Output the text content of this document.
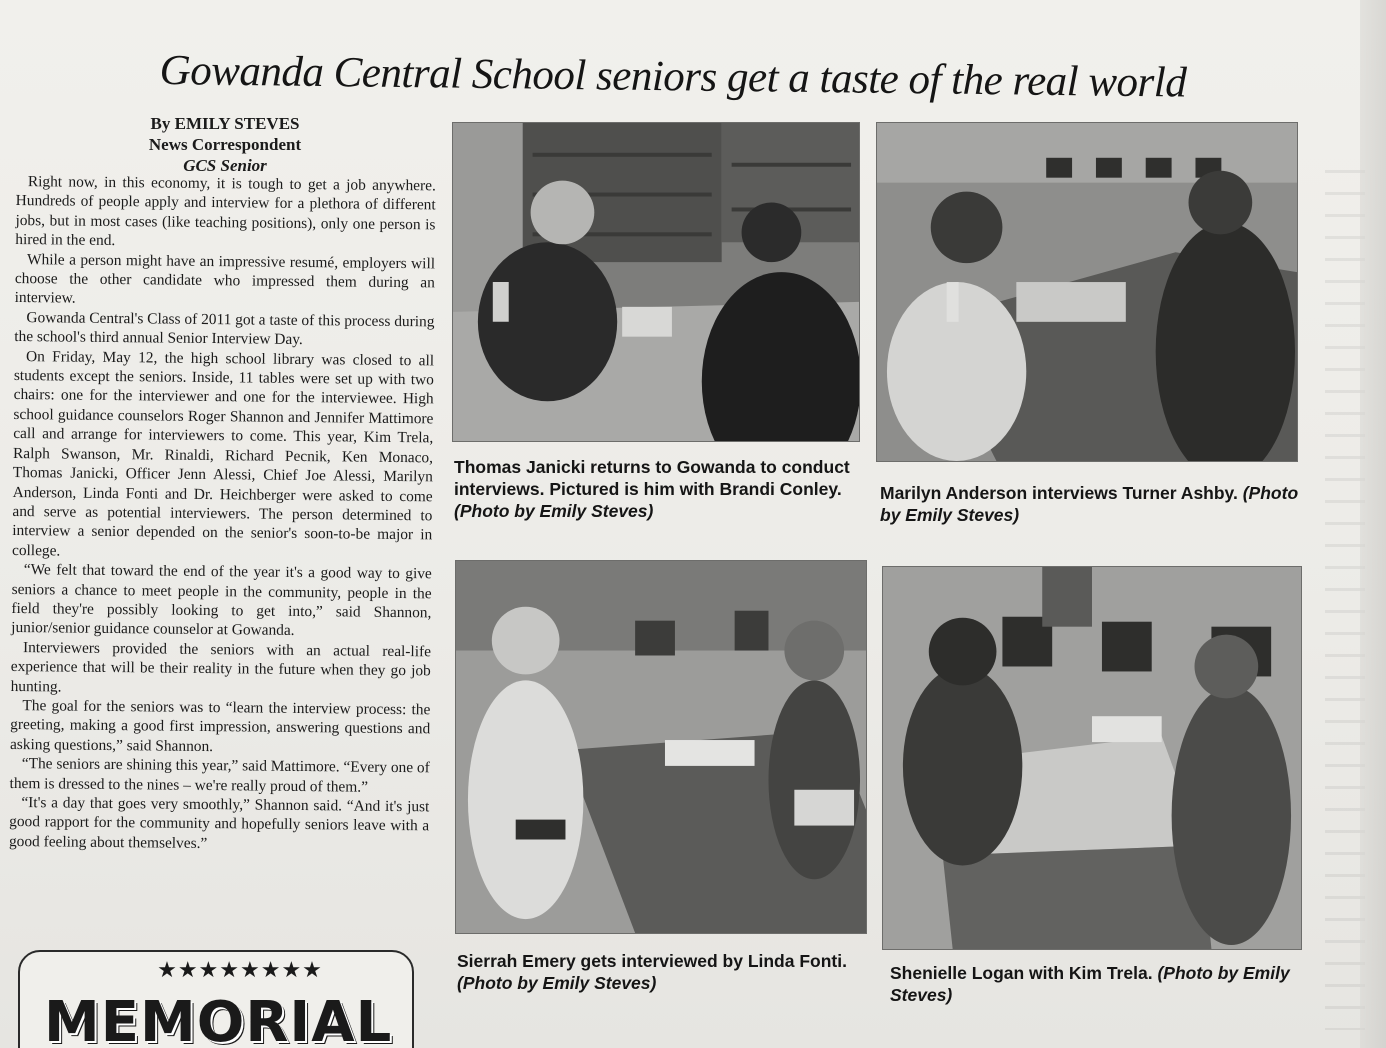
Gowanda Central School seniors get a taste of the real world
By EMILY STEVES
News Correspondent
GCS Senior

Right now, in this economy, it is tough to get a job anywhere. Hundreds of people apply and interview for a plethora of different jobs, but in most cases (like teaching positions), only one person is hired in the end.

While a person might have an impressive resumé, employers will choose the other candidate who impressed them during an interview.

Gowanda Central's Class of 2011 got a taste of this process during the school's third annual Senior Interview Day.

On Friday, May 12, the high school library was closed to all students except the seniors. Inside, 11 tables were set up with two chairs: one for the interviewer and one for the interviewee. High school guidance counselors Roger Shannon and Jennifer Mattimore call and arrange for interviewers to come. This year, Kim Trela, Ralph Swanson, Mr. Rinaldi, Richard Pecnik, Ken Monaco, Thomas Janicki, Officer Jenn Alessi, Chief Joe Alessi, Marilyn Anderson, Linda Fonti and Dr. Heichberger were asked to come and serve as potential interviewers. The person determined to interview a senior depended on the senior's soon-to-be major in college.

“We felt that toward the end of the year it's a good way to give seniors a chance to meet people in the community, people in the field they're possibly looking to get into,” said Shannon, junior/senior guidance counselor at Gowanda.

Interviewers provided the seniors with an actual real-life experience that will be their reality in the future when they go job hunting.

The goal for the seniors was to “learn the interview process: the greeting, making a good first impression, answering questions and asking questions,” said Shannon.

“The seniors are shining this year,” said Mattimore. “Every one of them is dressed to the nines – we're really proud of them.”

“It's a day that goes very smoothly,” Shannon said. “And it's just good rapport for the community and hopefully seniors leave with a good feeling about themselves.”

Thomas Janicki returns to Gowanda to conduct interviews. Pictured is him with Brandi Conley. (Photo by Emily Steves)
Marilyn Anderson interviews Turner Ashby. (Photo by Emily Steves)
Sierrah Emery gets interviewed by Linda Fonti. (Photo by Emily Steves)	Shenielle Logan with Kim Trela. (Photo by Emily Steves)
★★★★★★★★
MEMORIAL
